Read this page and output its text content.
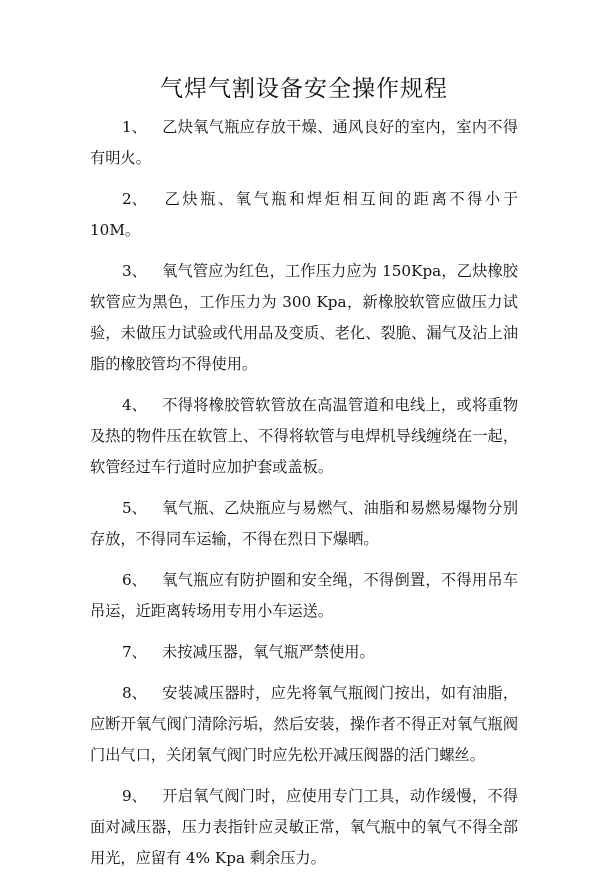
气焊气割设备安全操作规程

1、 乙炔氧气瓶应存放干燥、通风良好的室内，室内不得有明火。

2、 乙炔瓶、氧气瓶和焊炬相互间的距离不得小于 10M。

3、 氧气管应为红色，工作压力应为 150Kpa，乙炔橡胶软管应为黑色，工作压力为 300 Kpa，新橡胶软管应做压力试验，未做压力试验或代用品及变质、老化、裂脆、漏气及沾上油脂的橡胶管均不得使用。

4、 不得将橡胶管软管放在高温管道和电线上，或将重物及热的物件压在软管上、不得将软管与电焊机导线缠绕在一起，软管经过车行道时应加护套或盖板。

5、 氧气瓶、乙炔瓶应与易燃气、油脂和易燃易爆物分别存放，不得同车运输，不得在烈日下爆晒。

6、 氧气瓶应有防护圈和安全绳，不得倒置，不得用吊车吊运，近距离转场用专用小车运送。

7、 未按减压器，氧气瓶严禁使用。

8、 安装减压器时，应先将氧气瓶阀门按出，如有油脂，应断开氧气阀门清除污垢，然后安装，操作者不得正对氧气瓶阀门出气口，关闭氧气阀门时应先松开减压阀器的活门螺丝。

9、 开启氧气阀门时，应使用专门工具，动作缓慢，不得面对减压器，压力表指针应灵敏正常，氧气瓶中的氧气不得全部用光，应留有 4% Kpa 剩余压力。
